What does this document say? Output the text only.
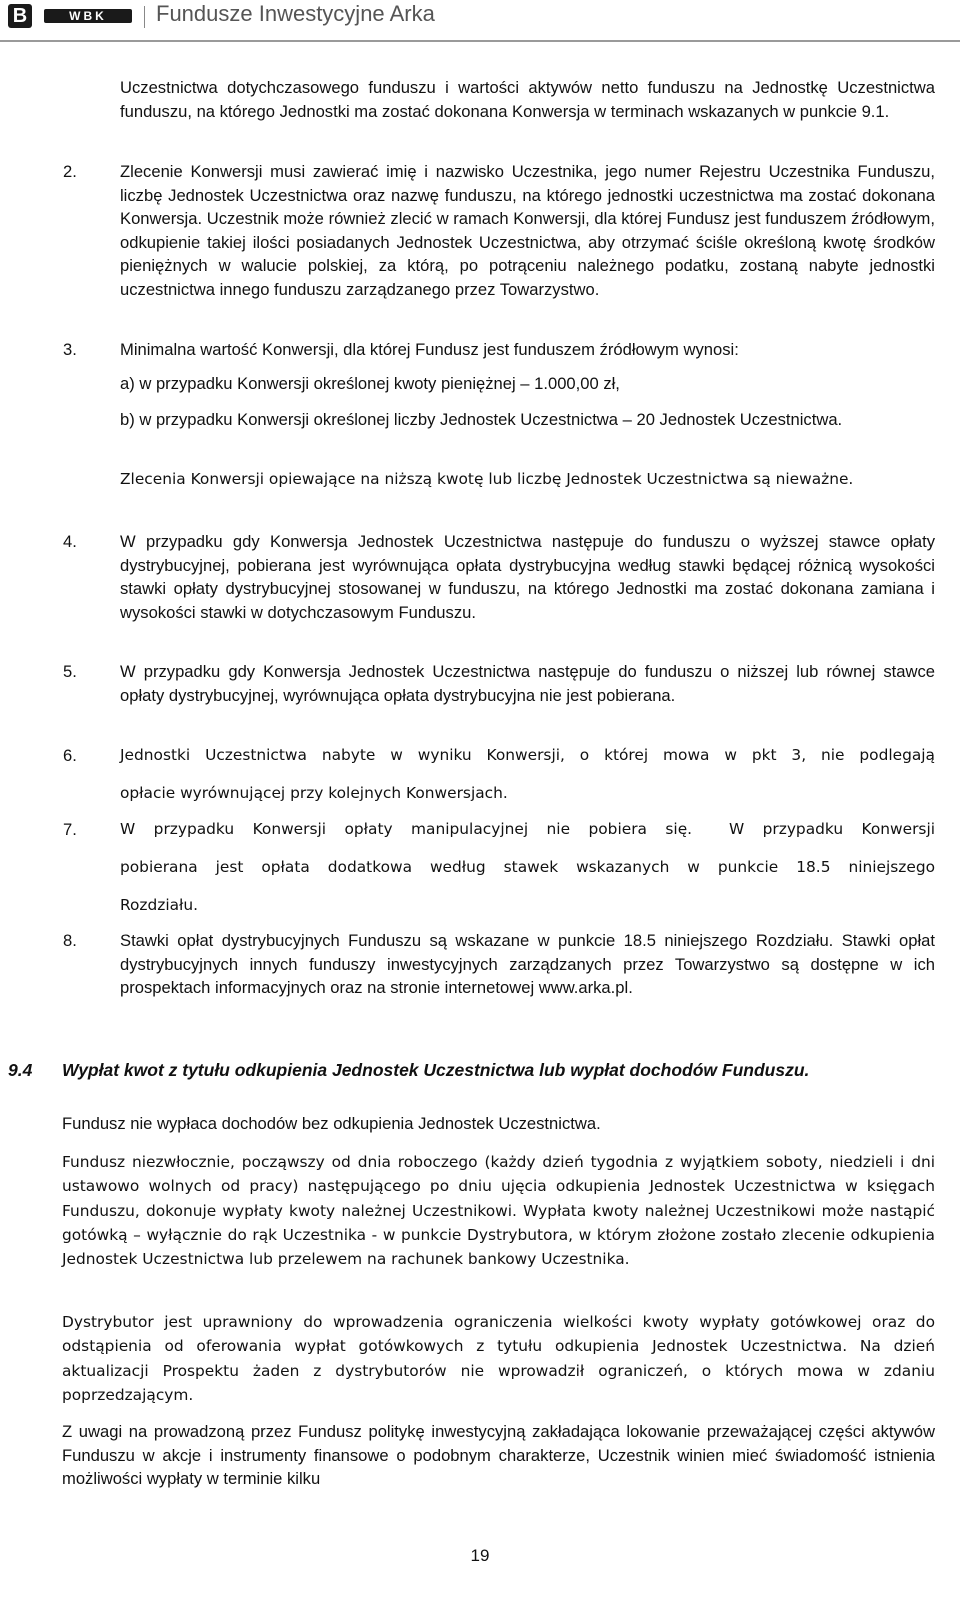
B	WBK	Fundusze Inwestycyjne Arka
Uczestnictwa dotychczasowego funduszu i wartości aktywów netto funduszu na Jednostkę Uczestnictwa funduszu, na którego Jednostki ma zostać dokonana Konwersja w terminach wskazanych w punkcie 9.1.
2.	Zlecenie Konwersji musi zawierać imię i nazwisko Uczestnika, jego numer Rejestru Uczestnika Funduszu, liczbę Jednostek Uczestnictwa oraz nazwę funduszu, na którego jednostki uczestnictwa ma zostać dokonana Konwersja. Uczestnik może również zlecić w ramach Konwersji, dla której Fundusz jest funduszem źródłowym, odkupienie takiej ilości posiadanych Jednostek Uczestnictwa, aby otrzymać ściśle określoną kwotę środków pieniężnych w walucie polskiej, za którą, po potrąceniu należnego podatku, zostaną nabyte jednostki uczestnictwa innego funduszu zarządzanego przez Towarzystwo.
3.	Minimalna wartość Konwersji, dla której Fundusz jest funduszem źródłowym wynosi:
a) w przypadku Konwersji określonej kwoty pieniężnej – 1.000,00 zł,
b) w przypadku Konwersji określonej liczby Jednostek Uczestnictwa – 20 Jednostek Uczestnictwa.
Zlecenia Konwersji opiewające na niższą kwotę lub liczbę Jednostek Uczestnictwa są nieważne.
4.	W przypadku gdy Konwersja Jednostek Uczestnictwa następuje do funduszu o wyższej stawce opłaty dystrybucyjnej, pobierana jest wyrównująca opłata dystrybucyjna według stawki będącej różnicą wysokości stawki opłaty dystrybucyjnej stosowanej w funduszu, na którego Jednostki ma zostać dokonana zamiana i wysokości stawki w dotychczasowym Funduszu.
5.	W przypadku gdy Konwersja Jednostek Uczestnictwa następuje do funduszu o niższej lub równej stawce opłaty dystrybucyjnej, wyrównująca opłata dystrybucyjna nie jest pobierana.
6.	Jednostki Uczestnictwa nabyte w wyniku Konwersji, o której mowa w pkt 3, nie podlegają
opłacie wyrównującej przy kolejnych Konwersjach.
7.	W przypadku Konwersji opłaty manipulacyjnej nie pobiera się.  W przypadku Konwersji
pobierana jest opłata dodatkowa według stawek wskazanych w punkcie 18.5 niniejszego
Rozdziału.
8.	Stawki opłat dystrybucyjnych Funduszu są wskazane w punkcie 18.5 niniejszego Rozdziału. Stawki opłat dystrybucyjnych innych funduszy inwestycyjnych zarządzanych przez Towarzystwo są dostępne w ich prospektach informacyjnych oraz na stronie internetowej www.arka.pl.
9.4 Wypłat kwot z tytułu odkupienia Jednostek Uczestnictwa lub wypłat dochodów Funduszu.
Fundusz nie wypłaca dochodów bez odkupienia Jednostek Uczestnictwa.
Fundusz niezwłocznie, począwszy od dnia roboczego (każdy dzień tygodnia z wyjątkiem soboty, niedzieli i dni ustawowo wolnych od pracy) następującego po dniu ujęcia odkupienia Jednostek Uczestnictwa w księgach Funduszu, dokonuje wypłaty kwoty należnej Uczestnikowi. Wypłata kwoty należnej Uczestnikowi może nastąpić gotówką – wyłącznie do rąk Uczestnika - w punkcie Dystrybutora, w którym złożone zostało zlecenie odkupienia Jednostek Uczestnictwa lub przelewem na rachunek bankowy Uczestnika.
Dystrybutor jest uprawniony do wprowadzenia ograniczenia wielkości kwoty wypłaty gotówkowej oraz do odstąpienia od oferowania wypłat gotówkowych z tytułu odkupienia Jednostek Uczestnictwa. Na dzień aktualizacji Prospektu żaden z dystrybutorów nie wprowadził ograniczeń, o których mowa w zdaniu poprzedzającym.
Z uwagi na prowadzoną przez Fundusz politykę inwestycyjną zakładająca lokowanie przeważającej części aktywów Funduszu w akcje i instrumenty finansowe o podobnym charakterze, Uczestnik winien mieć świadomość istnienia możliwości wypłaty w terminie kilku
19
